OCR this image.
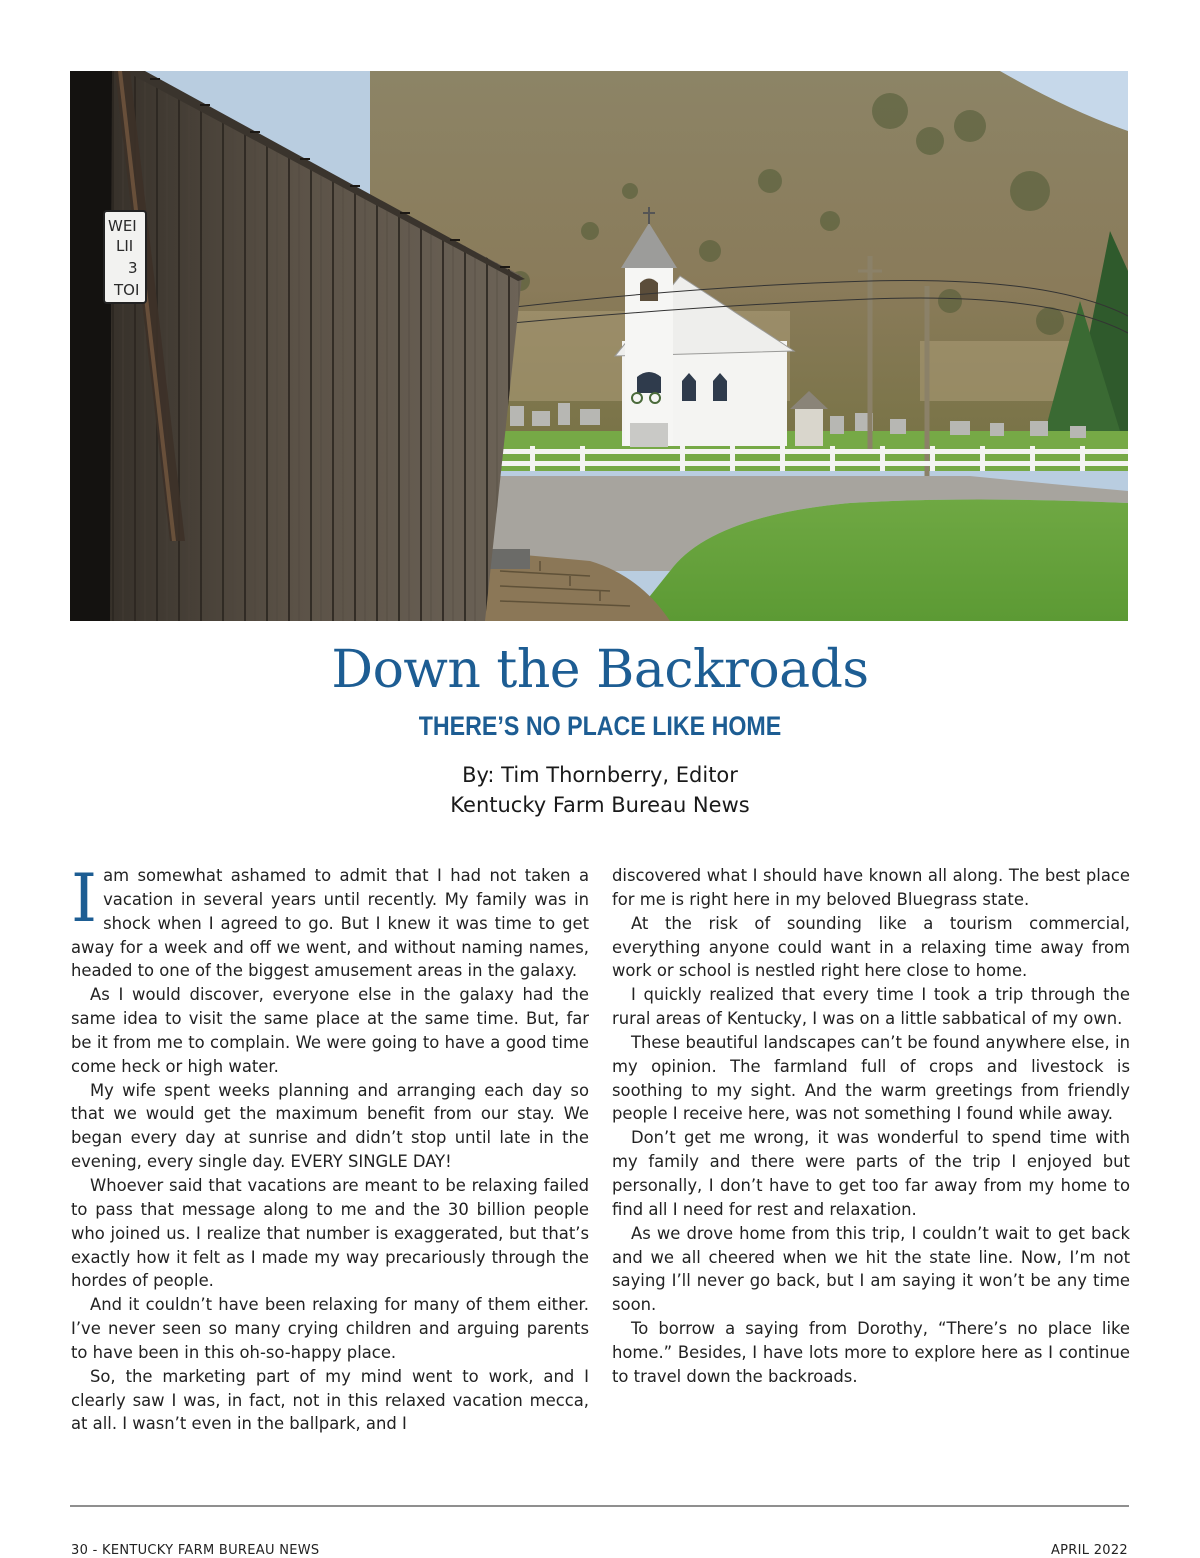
WEI
LII
3
TOI
Down the Backroads
THERE’S NO PLACE LIKE HOME
By: Tim Thornberry, Editor
Kentucky Farm Bureau News

Iam somewhat ashamed to admit that I had not taken a vacation in several years until recently. My family was in shock when I agreed to go. But I knew it was time to get away for a week and off we went, and without naming names, headed to one of the biggest amusement areas in the galaxy.

As I would discover, everyone else in the galaxy had the same idea to visit the same place at the same time. But, far be it from me to complain. We were going to have a good time come heck or high water.

My wife spent weeks planning and arranging each day so that we would get the maximum benefit from our stay. We began every day at sunrise and didn’t stop until late in the evening, every single day. EVERY SINGLE DAY!

Whoever said that vacations are meant to be relaxing failed to pass that message along to me and the 30 billion people who joined us. I realize that number is exaggerated, but that’s exactly how it felt as I made my way precariously through the hordes of people.

And it couldn’t have been relaxing for many of them either. I’ve never seen so many crying children and arguing parents to have been in this oh-so-happy place.

So, the marketing part of my mind went to work, and I clearly saw I was, in fact, not in this relaxed vacation mecca, at all. I wasn’t even in the ballpark, and I

discovered what I should have known all along. The best place for me is right here in my beloved Bluegrass state.

At the risk of sounding like a tourism commercial, everything anyone could want in a relaxing time away from work or school is nestled right here close to home.

I quickly realized that every time I took a trip through the rural areas of Kentucky, I was on a little sabbatical of my own.

These beautiful landscapes can’t be found anywhere else, in my opinion. The farmland full of crops and livestock is soothing to my sight. And the warm greetings from friendly people I receive here, was not something I found while away.

Don’t get me wrong, it was wonderful to spend time with my family and there were parts of the trip I enjoyed but personally, I don’t have to get too far away from my home to find all I need for rest and relaxation.

As we drove home from this trip, I couldn’t wait to get back and we all cheered when we hit the state line. Now, I’m not saying I’ll never go back, but I am saying it won’t be any time soon.

To borrow a saying from Dorothy, “There’s no place like home.” Besides, I have lots more to explore here as I continue to travel down the backroads.

30 - KENTUCKY FARM BUREAU NEWS	APRIL 2022
